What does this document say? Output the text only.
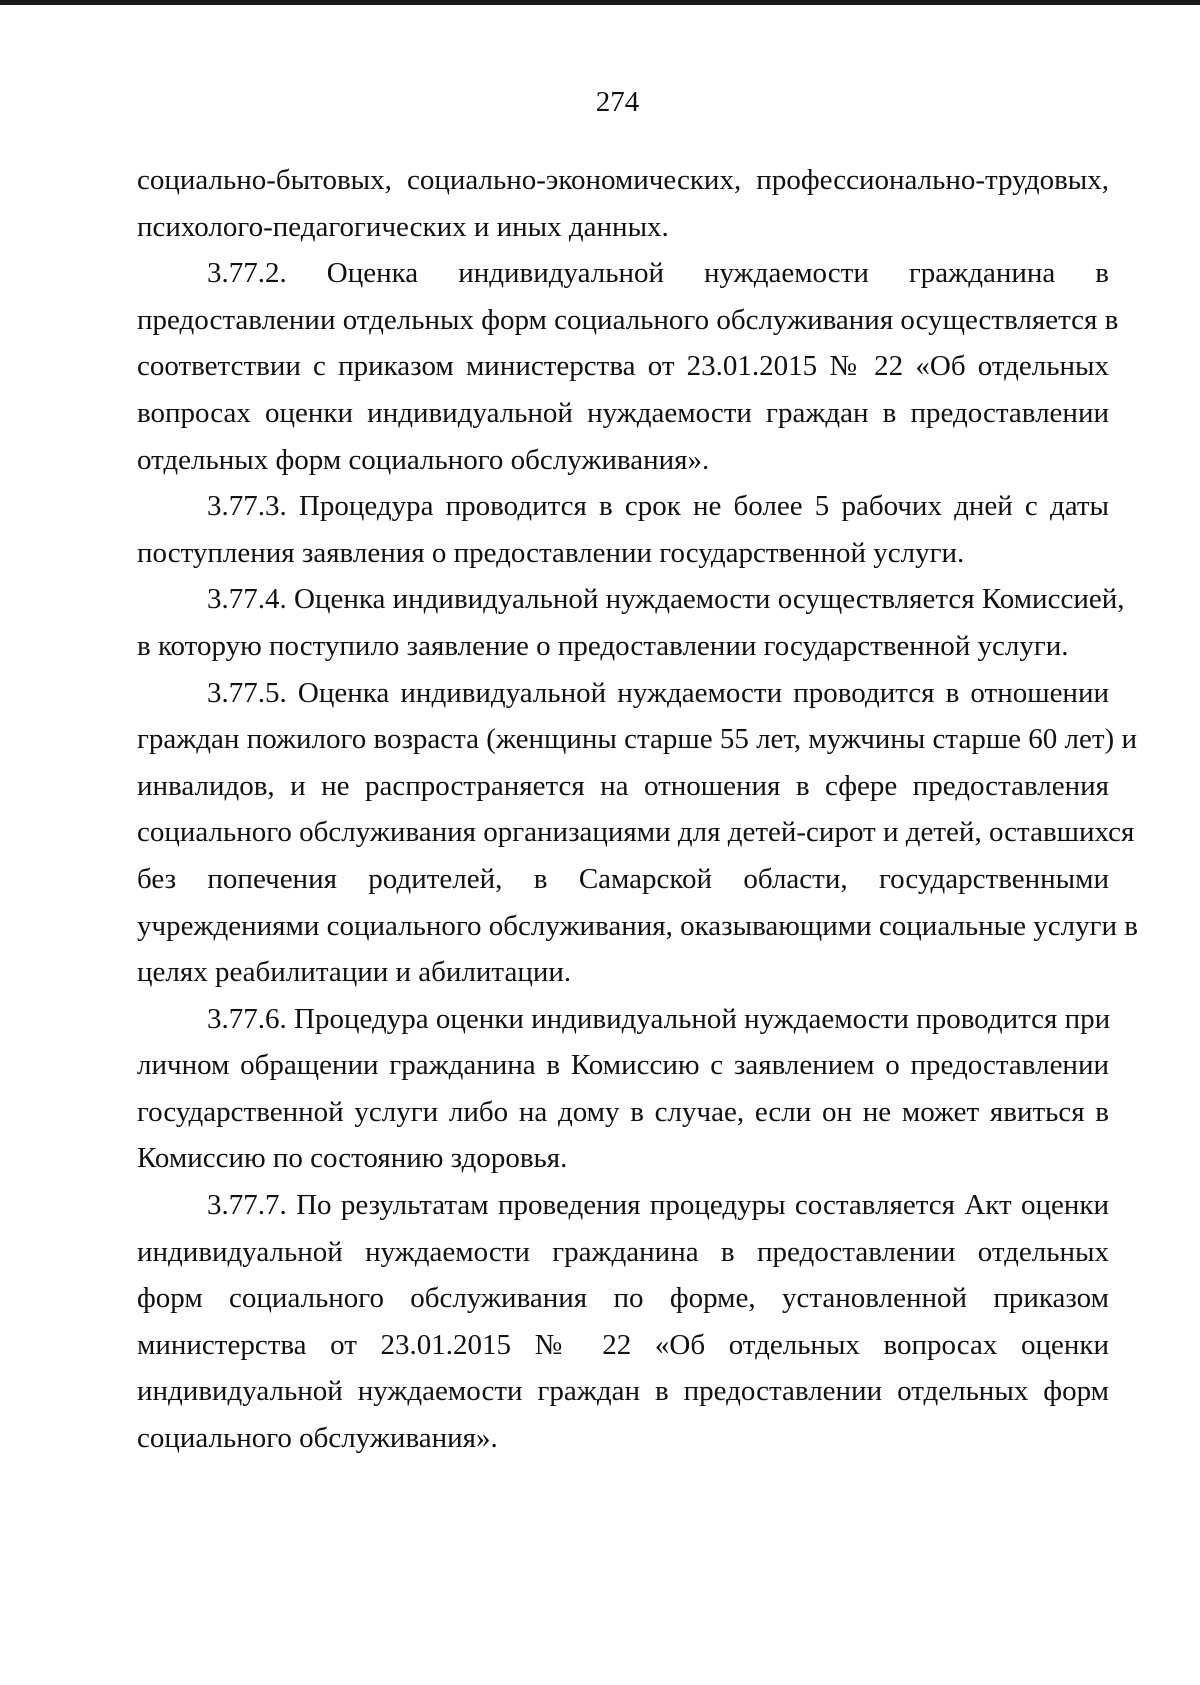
274
социально-бытовых, социально-экономических, профессионально-трудовых,
психолого-педагогических и иных данных.
3.77.2. Оценка индивидуальной нуждаемости гражданина в
предоставлении отдельных форм социального обслуживания осуществляется в
соответствии с приказом министерства от 23.01.2015 № 22 «Об отдельных
вопросах оценки индивидуальной нуждаемости граждан в предоставлении
отдельных форм социального обслуживания».
3.77.3. Процедура проводится в срок не более 5 рабочих дней с даты
поступления заявления о предоставлении государственной услуги.
3.77.4. Оценка индивидуальной нуждаемости осуществляется Комиссией,
в которую поступило заявление о предоставлении государственной услуги.
3.77.5. Оценка индивидуальной нуждаемости проводится в отношении
граждан пожилого возраста (женщины старше 55 лет, мужчины старше 60 лет) и
инвалидов, и не распространяется на отношения в сфере предоставления
социального обслуживания организациями для детей-сирот и детей, оставшихся
без попечения родителей, в Самарской области, государственными
учреждениями социального обслуживания, оказывающими социальные услуги в
целях реабилитации и абилитации.
3.77.6. Процедура оценки индивидуальной нуждаемости проводится при
личном обращении гражданина в Комиссию с заявлением о предоставлении
государственной услуги либо на дому в случае, если он не может явиться в
Комиссию по состоянию здоровья.
3.77.7. По результатам проведения процедуры составляется Акт оценки
индивидуальной нуждаемости гражданина в предоставлении отдельных
форм социального обслуживания по форме, установленной приказом
министерства от 23.01.2015 № 22 «Об отдельных вопросах оценки
индивидуальной нуждаемости граждан в предоставлении отдельных форм
социального обслуживания».
